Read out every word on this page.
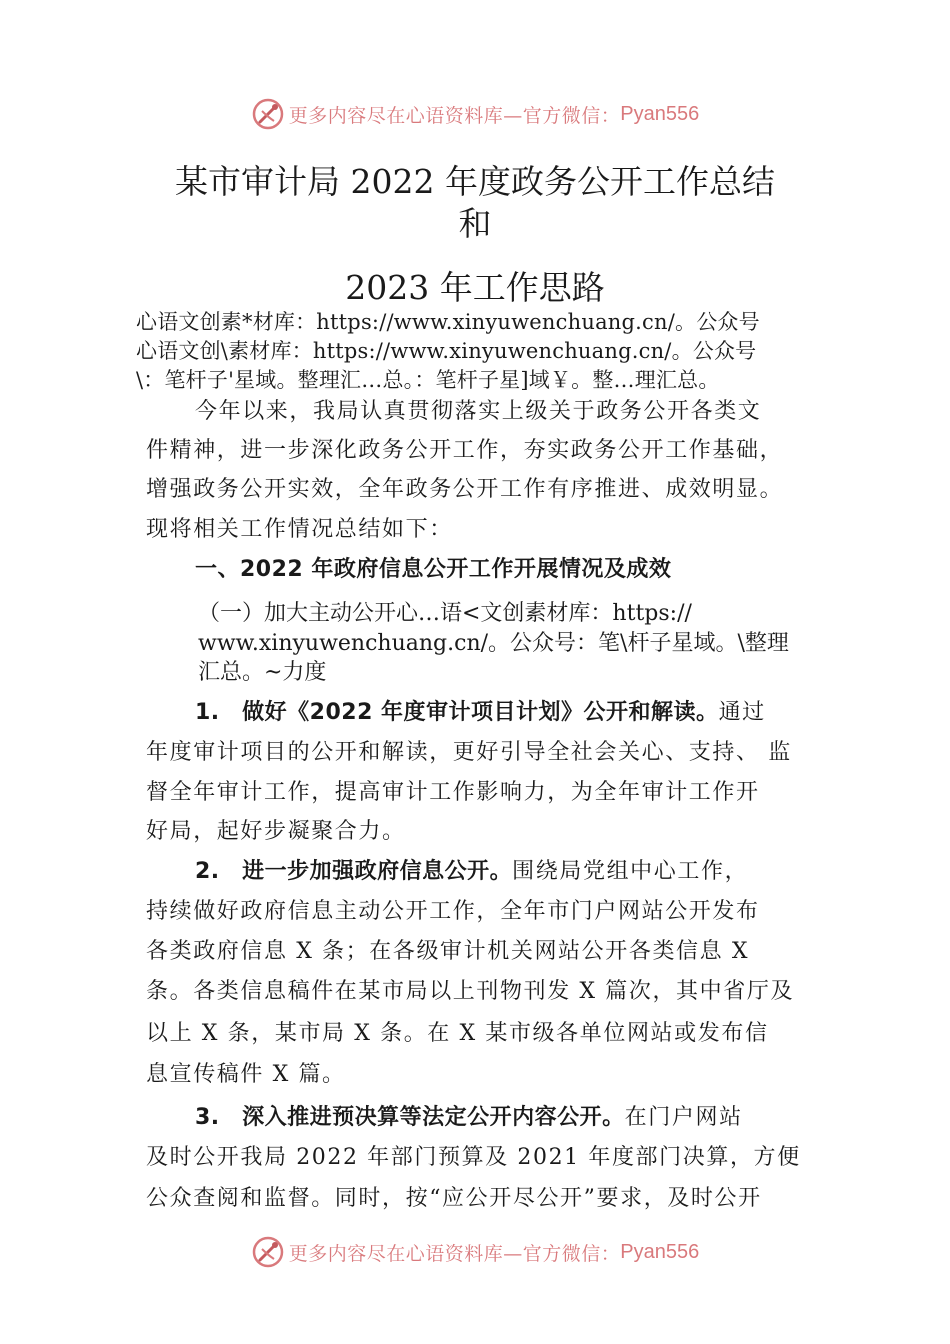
更多内容尽在心语资料库—官方微信： Pyan556
某市审计局 2022 年度政务公开工作总结
和
2023 年工作思路
心语文创素*材库：https://www.xinyuwenchuang.cn/。公众号
心语文创\素材库：https://www.xinyuwenchuang.cn/。公众号
\：笔杆子'星域。整理汇…总。：笔杆子星]域￥。整…理汇总。
今年以来，我局认真贯彻落实上级关于政务公开各类文
件精神，进一步深化政务公开工作，夯实政务公开工作基础，
增强政务公开实效，全年政务公开工作有序推进、成效明显。
现将相关工作情况总结如下：
一、2022 年政府信息公开工作开展情况及成效
（一）加大主动公开心…语<文创素材库：https://
www.xinyuwenchuang.cn/。公众号：笔\杆子星域。\整理
汇总。~力度
1.　做好《2022 年度审计项目计划》公开和解读。通过
年度审计项目的公开和解读，更好引导全社会关心、支持、 监
督全年审计工作，提高审计工作影响力，为全年审计工作开
好局，起好步凝聚合力。
2.　进一步加强政府信息公开。围绕局党组中心工作，
持续做好政府信息主动公开工作，全年市门户网站公开发布
各类政府信息 X 条；在各级审计机关网站公开各类信息 X
条。各类信息稿件在某市局以上刊物刊发 X 篇次，其中省厅及
以上 X 条，某市局 X 条。在 X 某市级各单位网站或发布信
息宣传稿件 X 篇。
3.　深入推进预决算等法定公开内容公开。在门户网站
及时公开我局 2022 年部门预算及 2021 年度部门决算，方便
公众查阅和监督。同时，按“应公开尽公开”要求，及时公开
更多内容尽在心语资料库—官方微信： Pyan556
